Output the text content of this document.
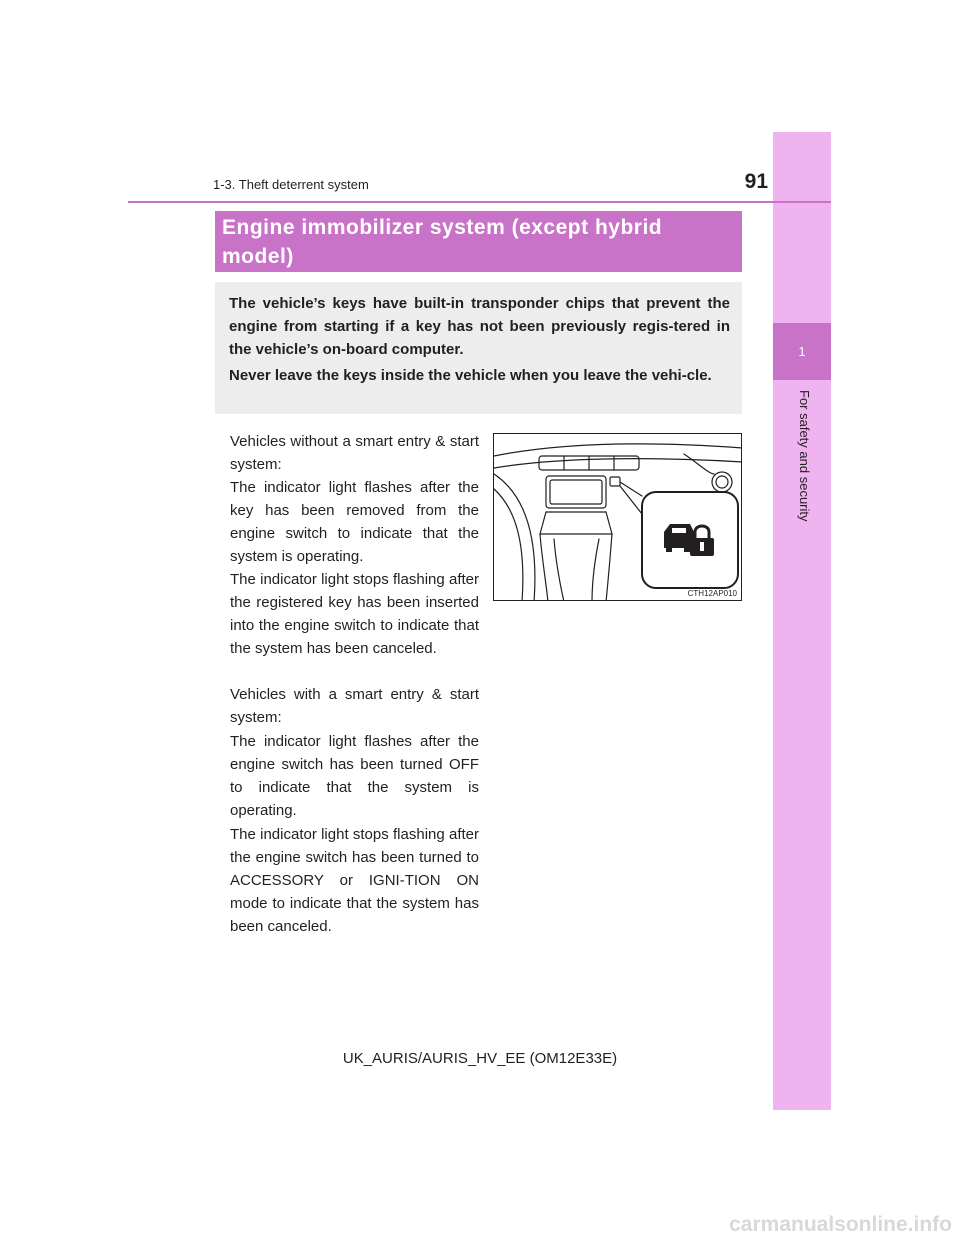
1
For safety and security
1-3. Theft deterrent system	91
Engine immobilizer system (except hybrid model)

The vehicle’s keys have built-in transponder chips that prevent the engine from starting if a key has not been previously regis-tered in the vehicle’s on-board computer.

Never leave the keys inside the vehicle when you leave the vehi-cle.

Vehicles without a smart entry & start system:

The indicator light flashes after the key has been removed from the engine switch to indicate that the system is operating.

The indicator light stops flashing after the registered key has been inserted into the engine switch to indicate that the system has been canceled.

Vehicles with a smart entry & start system:

The indicator light flashes after the engine switch has been turned OFF to indicate that the system is operating.

The indicator light stops flashing after the engine switch has been turned to ACCESSORY or IGNI-TION ON mode to indicate that the system has been canceled.

CTH12AP010
UK_AURIS/AURIS_HV_EE (OM12E33E)
carmanualsonline.info
